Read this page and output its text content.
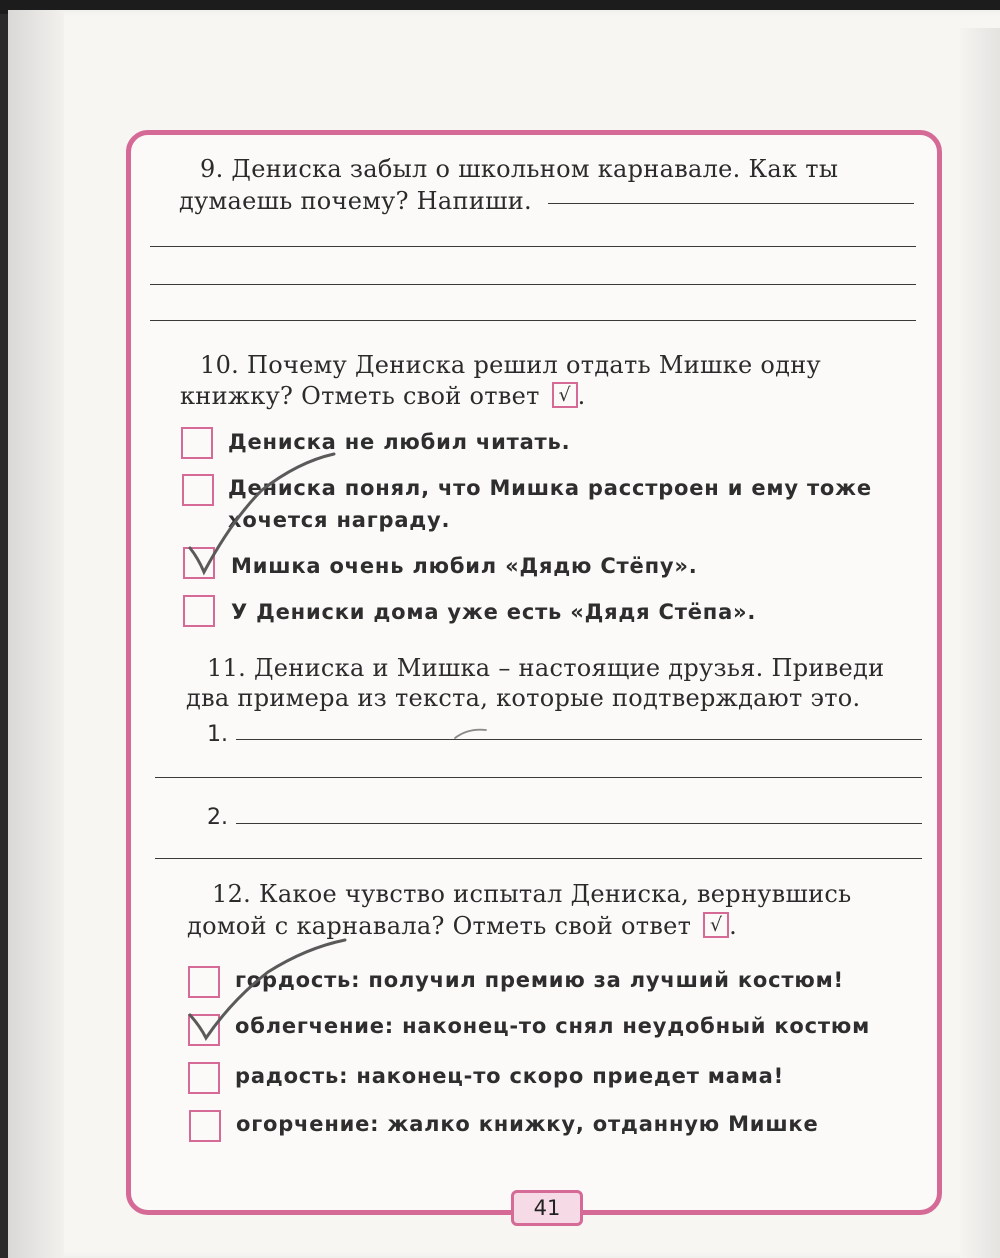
9. Дениска забыл о школьном карнавале. Как ты
думаешь почему? Напиши.
10. Почему Дениска решил отдать Мишке одну
книжку? Отметь свой ответ √ .
Дениска не любил читать.
Дениска понял, что Мишка расстроен и ему тоже
хочется награду.
Мишка очень любил «Дядю Стёпу».
У Дениски дома уже есть «Дядя Стёпа».
11. Дениска и Мишка – настоящие друзья. Приведи
два примера из текста, которые подтверждают это.
1.
2.
12. Какое чувство испытал Дениска, вернувшись
домой с карнавала? Отметь свой ответ √ .
гордость: получил премию за лучший костюм!
облегчение: наконец-то снял неудобный костюм
радость: наконец-то скоро приедет мама!
огорчение: жалко книжку, отданную Мишке
41
